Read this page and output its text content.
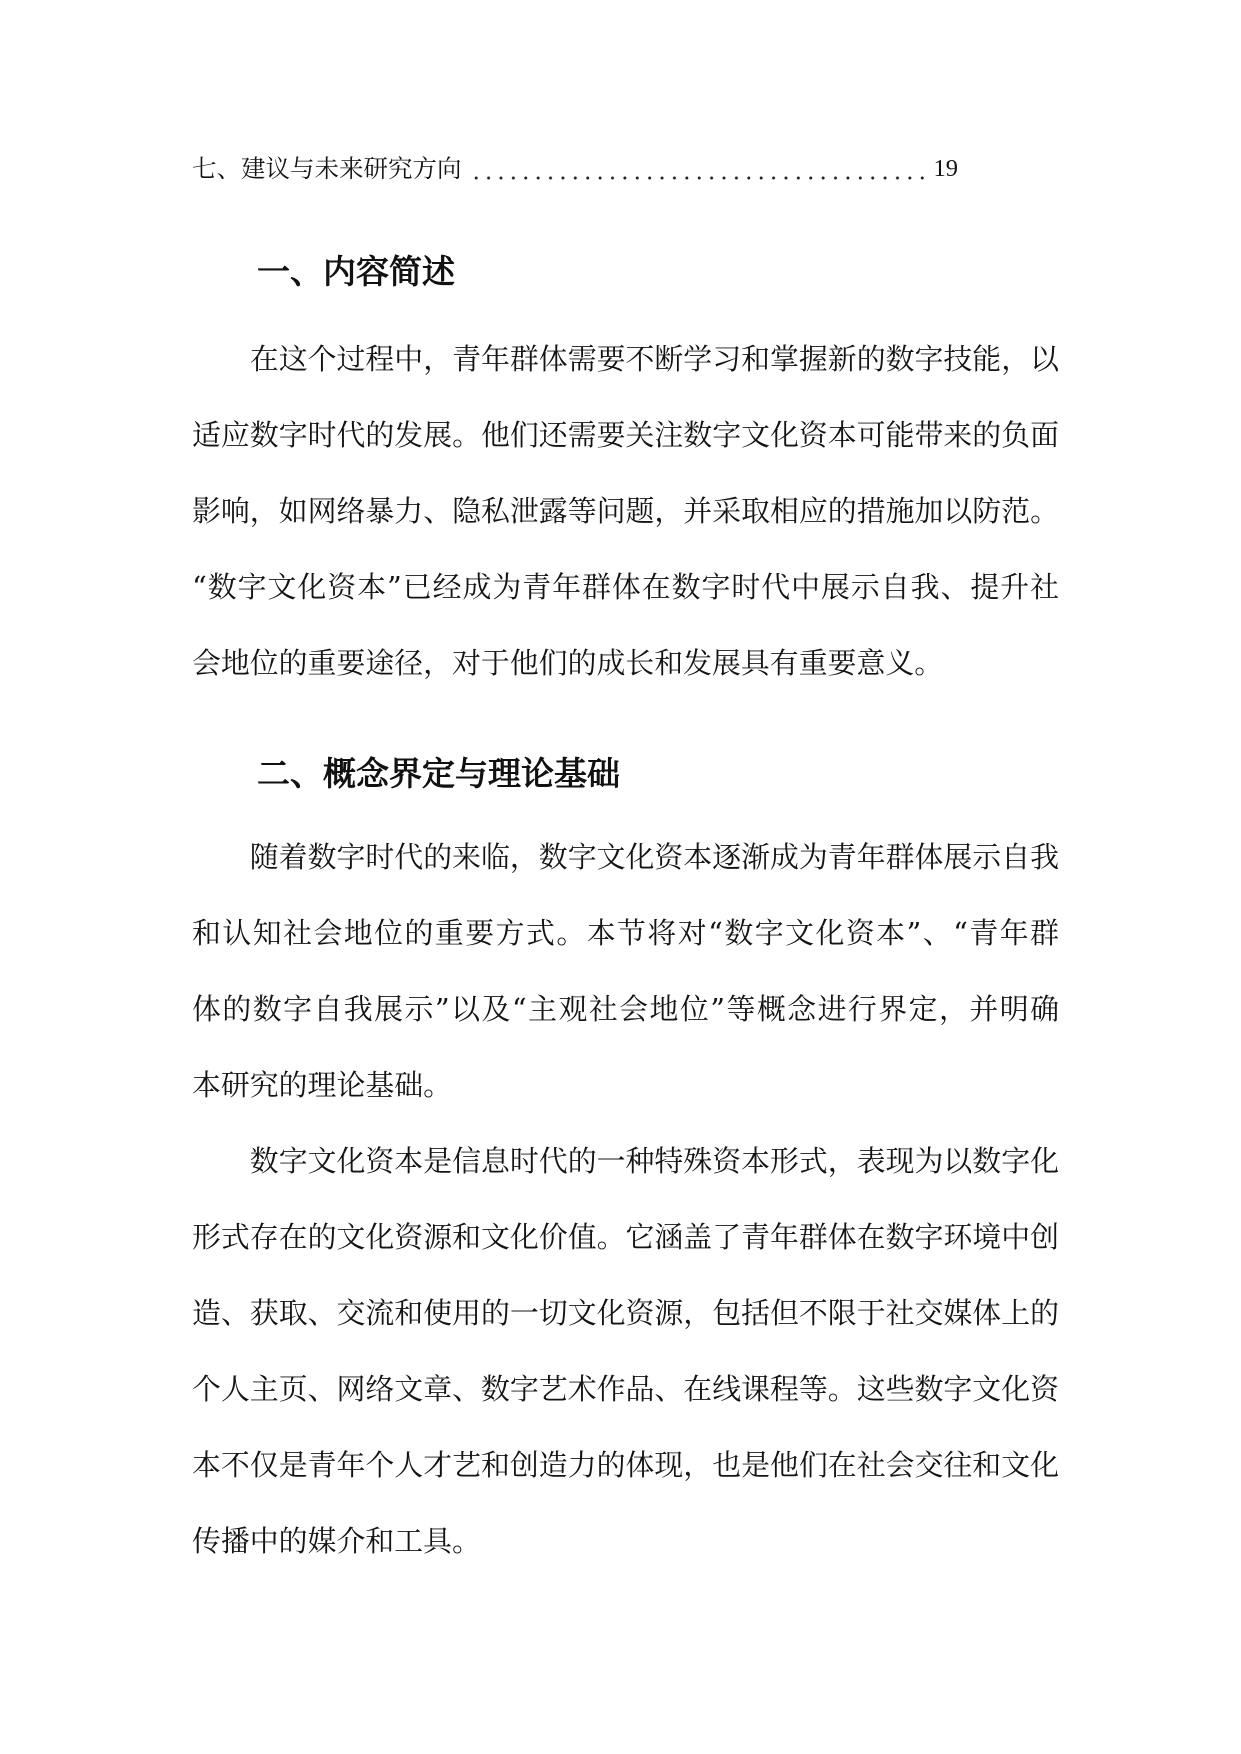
七、建议与未来研究方向	19
一、内容简述
在这个过程中，青年群体需要不断学习和掌握新的数字技能，以
适应数字时代的发展。他们还需要关注数字文化资本可能带来的负面
影响，如网络暴力、隐私泄露等问题，并采取相应的措施加以防范。
“数字文化资本”已经成为青年群体在数字时代中展示自我、提升社
会地位的重要途径，对于他们的成长和发展具有重要意义。
二、概念界定与理论基础
随着数字时代的来临，数字文化资本逐渐成为青年群体展示自我
和认知社会地位的重要方式。本节将对“数字文化资本”、“青年群
体的数字自我展示”以及“主观社会地位”等概念进行界定，并明确
本研究的理论基础。
数字文化资本是信息时代的一种特殊资本形式，表现为以数字化
形式存在的文化资源和文化价值。它涵盖了青年群体在数字环境中创
造、获取、交流和使用的一切文化资源，包括但不限于社交媒体上的
个人主页、网络文章、数字艺术作品、在线课程等。这些数字文化资
本不仅是青年个人才艺和创造力的体现，也是他们在社会交往和文化
传播中的媒介和工具。
